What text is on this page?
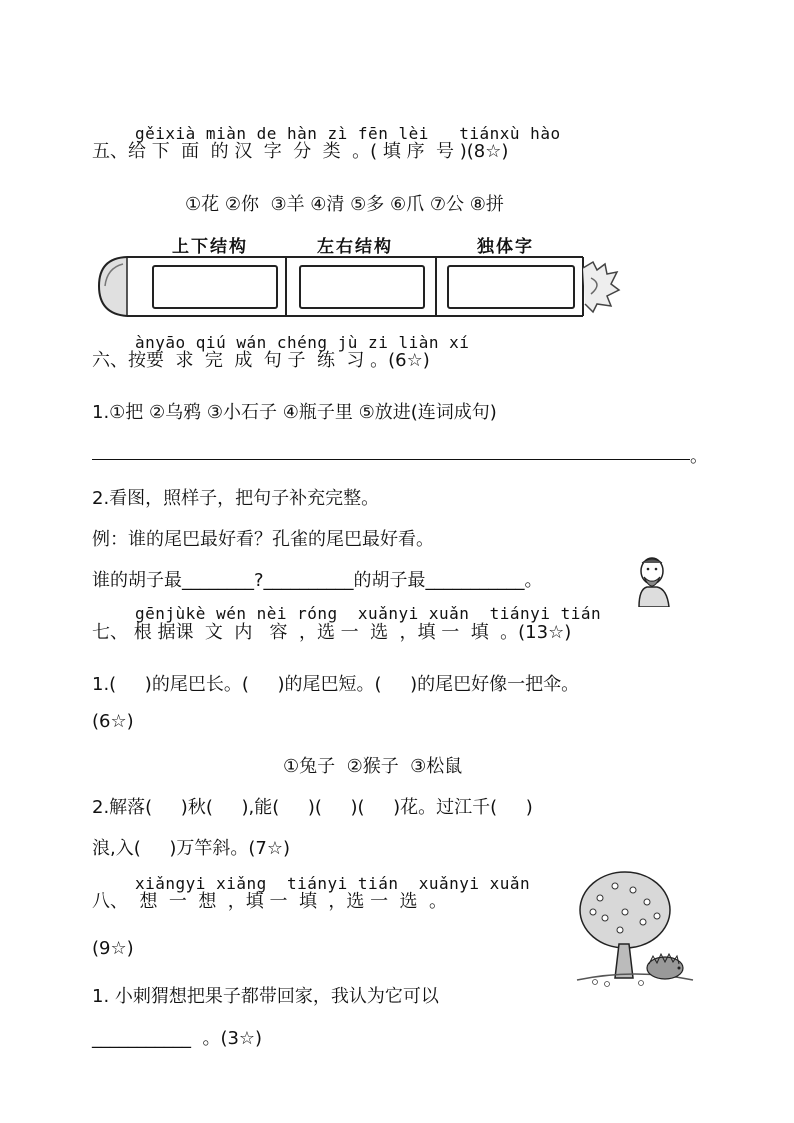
gěixià miàn de hàn zì fēn lèi   tiánxù hào
五、给 下  面  的 汉  字  分  类  。( 填 序  号 )(8☆)
①花 ②你  ③羊 ④清 ⑤多 ⑥爪 ⑦公 ⑧拼
上下结构	左右结构	独体字
ànyāo qiú wán chéng jù zi liàn xí
六、按要  求  完  成  句 子  练  习 。(6☆)
1.①把 ②乌鸦 ③小石子 ④瓶子里 ⑤放进(连词成句)
。
2.看图，照样子，把句子补充完整。
例：谁的尾巴最好看？孔雀的尾巴最好看。
谁的胡子最________?__________的胡子最___________。
gēnjùkè wén nèi róng  xuǎnyi xuǎn  tiányi tián
七、 根 据课  文  内   容  ，选 一  选  ，填 一  填  。(13☆)
1.(     )的尾巴长。(     )的尾巴短。(     )的尾巴好像一把伞。
(6☆)
①兔子  ②猴子  ③松鼠
2.解落(     )秋(     ),能(     )(     )(     )花。过江千(     )
浪,入(     )万竿斜。(7☆)
xiǎngyi xiǎng  tiányi tián  xuǎnyi xuǎn
八、  想  一  想  ，填 一  填  ，选 一  选  。
(9☆)
1. 小刺猬想把果子都带回家，我认为它可以
___________  。(3☆)
